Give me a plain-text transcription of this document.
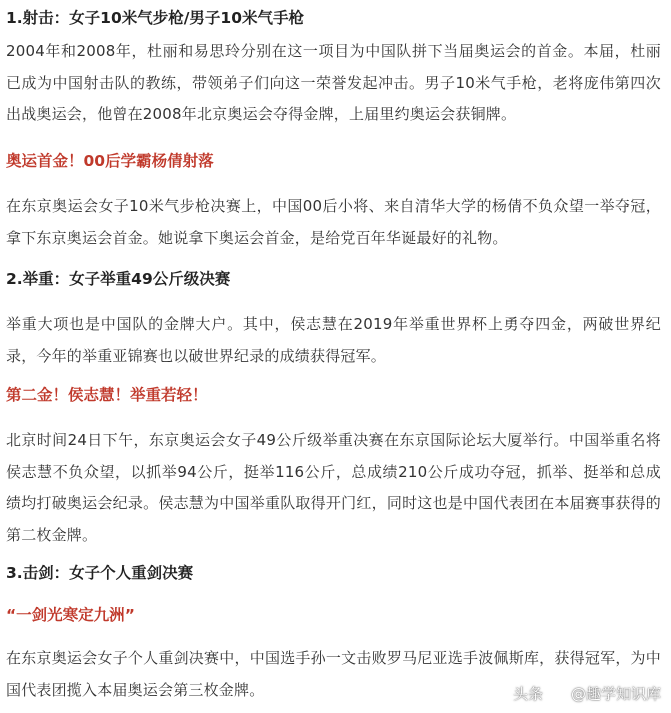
1.射击：女子10米气步枪/男子10米气手枪

2004年和2008年，杜丽和易思玲分别在这一项目为中国队拼下当届奥运会的首金。本届，杜丽已成为中国射击队的教练，带领弟子们向这一荣誉发起冲击。男子10米气手枪，老将庞伟第四次出战奥运会，他曾在2008年北京奥运会夺得金牌，上届里约奥运会获铜牌。

奥运首金！00后学霸杨倩射落

在东京奥运会女子10米气步枪决赛上，中国00后小将、来自清华大学的杨倩不负众望一举夺冠，拿下东京奥运会首金。她说拿下奥运会首金，是给党百年华诞最好的礼物。

2.举重：女子举重49公斤级决赛

举重大项也是中国队的金牌大户。其中，侯志慧在2019年举重世界杯上勇夺四金，两破世界纪录，今年的举重亚锦赛也以破世界纪录的成绩获得冠军。

第二金！侯志慧！举重若轻！

北京时间24日下午，东京奥运会女子49公斤级举重决赛在东京国际论坛大厦举行。中国举重名将侯志慧不负众望，以抓举94公斤，挺举116公斤，总成绩210公斤成功夺冠，抓举、挺举和总成绩均打破奥运会纪录。侯志慧为中国举重队取得开门红，同时这也是中国代表团在本届赛事获得的第二枚金牌。

3.击剑：女子个人重剑决赛
“一剑光寒定九洲”

在东京奥运会女子个人重剑决赛中，中国选手孙一文击败罗马尼亚选手波佩斯库，获得冠军，为中国代表团揽入本届奥运会第三枚金牌。	头条 @趣学知识库
